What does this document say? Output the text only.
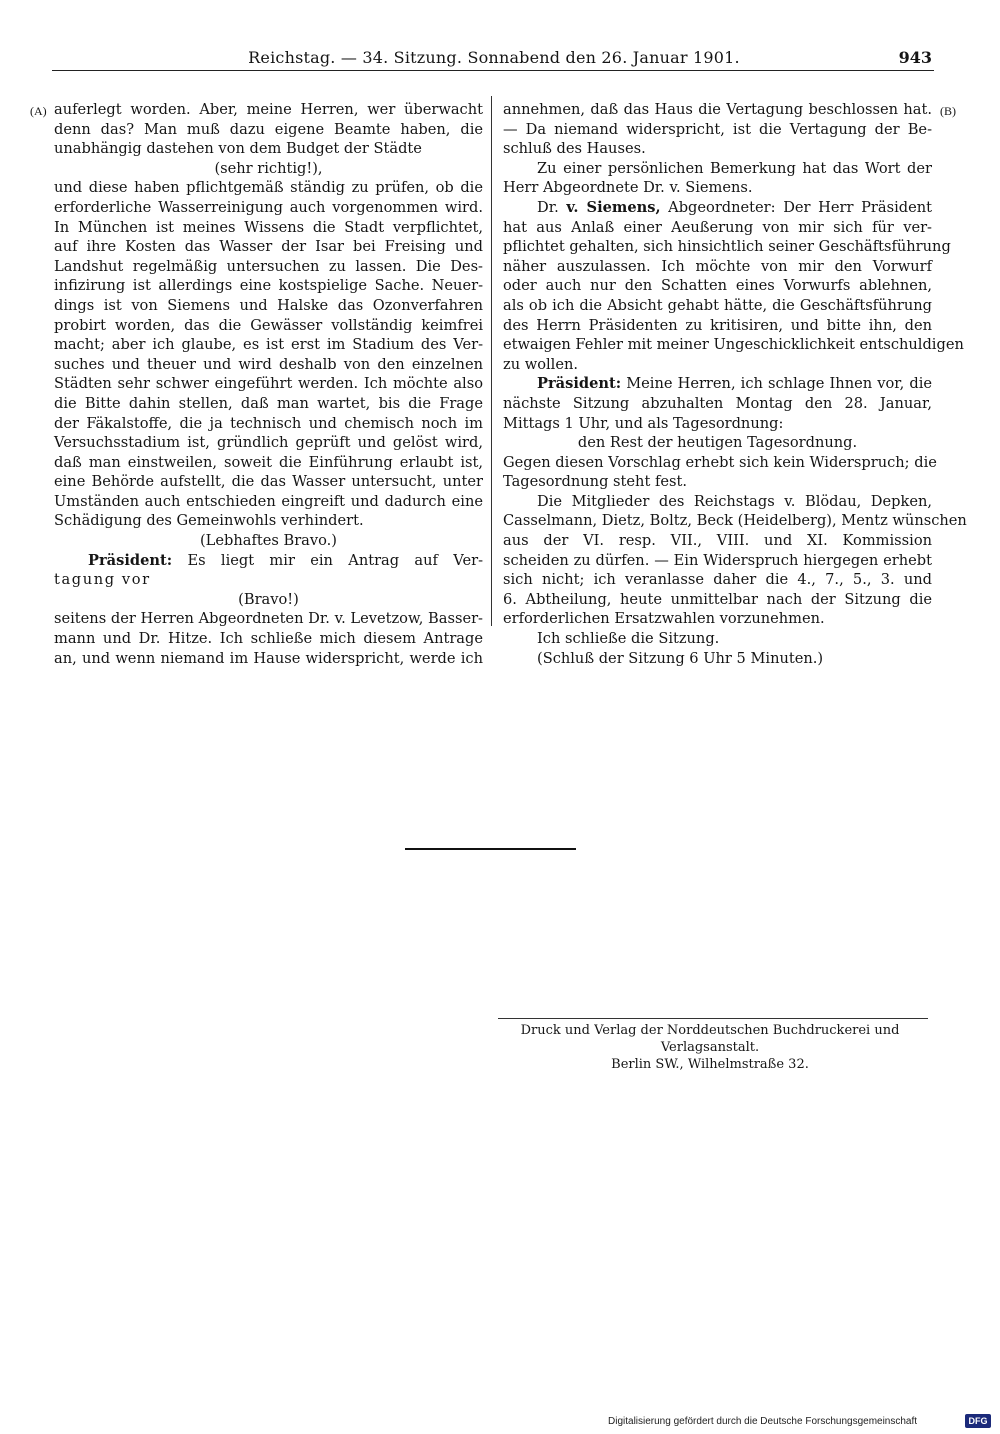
Reichstag. — 34. Sitzung. Sonnabend den 26. Januar 1901.	943
(A)	(B)
auferlegt worden. Aber, meine Herren, wer überwacht
denn das? Man muß dazu eigene Beamte haben, die
unabhängig dastehen von dem Budget der Städte
(sehr richtig!),
und diese haben pflichtgemäß ständig zu prüfen, ob die
erforderliche Wasserreinigung auch vorgenommen wird.
In München ist meines Wissens die Stadt verpflichtet,
auf ihre Kosten das Wasser der Isar bei Freising und
Landshut regelmäßig untersuchen zu lassen. Die Des-
infizirung ist allerdings eine kostspielige Sache. Neuer-
dings ist von Siemens und Halske das Ozonverfahren
probirt worden, das die Gewässer vollständig keimfrei
macht; aber ich glaube, es ist erst im Stadium des Ver-
suches und theuer und wird deshalb von den einzelnen
Städten sehr schwer eingeführt werden. Ich möchte also
die Bitte dahin stellen, daß man wartet, bis die Frage
der Fäkalstoffe, die ja technisch und chemisch noch im
Versuchsstadium ist, gründlich geprüft und gelöst wird,
daß man einstweilen, soweit die Einführung erlaubt ist,
eine Behörde aufstellt, die das Wasser untersucht, unter
Umständen auch entschieden eingreift und dadurch eine
Schädigung des Gemeinwohls verhindert.
(Lebhaftes Bravo.)
Präsident: Es liegt mir ein Antrag auf Ver-
tagung vor
(Bravo!)
seitens der Herren Abgeordneten Dr. v. Levetzow, Basser-
mann und Dr. Hitze. Ich schließe mich diesem Antrage
an, und wenn niemand im Hause widerspricht, werde ich
annehmen, daß das Haus die Vertagung beschlossen hat.
— Da niemand widerspricht, ist die Vertagung der Be-
schluß des Hauses.
Zu einer persönlichen Bemerkung hat das Wort der
Herr Abgeordnete Dr. v. Siemens.
Dr. v. Siemens, Abgeordneter: Der Herr Präsident
hat aus Anlaß einer Aeußerung von mir sich für ver-
pflichtet gehalten, sich hinsichtlich seiner Geschäftsführung
näher auszulassen. Ich möchte von mir den Vorwurf
oder auch nur den Schatten eines Vorwurfs ablehnen,
als ob ich die Absicht gehabt hätte, die Geschäftsführung
des Herrn Präsidenten zu kritisiren, und bitte ihn, den
etwaigen Fehler mit meiner Ungeschicklichkeit entschuldigen
zu wollen.
Präsident: Meine Herren, ich schlage Ihnen vor, die
nächste Sitzung abzuhalten Montag den 28. Januar,
Mittags 1 Uhr, und als Tagesordnung:
den Rest der heutigen Tagesordnung.
Gegen diesen Vorschlag erhebt sich kein Widerspruch; die
Tagesordnung steht fest.
Die Mitglieder des Reichstags v. Blödau, Depken,
Casselmann, Dietz, Boltz, Beck (Heidelberg), Mentz wünschen
aus der VI. resp. VII., VIII. und XI. Kommission
scheiden zu dürfen. — Ein Widerspruch hiergegen erhebt
sich nicht; ich veranlasse daher die 4., 7., 5., 3. und
6. Abtheilung, heute unmittelbar nach der Sitzung die
erforderlichen Ersatzwahlen vorzunehmen.
Ich schließe die Sitzung.
(Schluß der Sitzung 6 Uhr 5 Minuten.)
Druck und Verlag der Norddeutschen Buchdruckerei und Verlagsanstalt.
Berlin SW., Wilhelmstraße 32.
Digitalisierung gefördert durch die Deutsche Forschungsgemeinschaft	DFG
